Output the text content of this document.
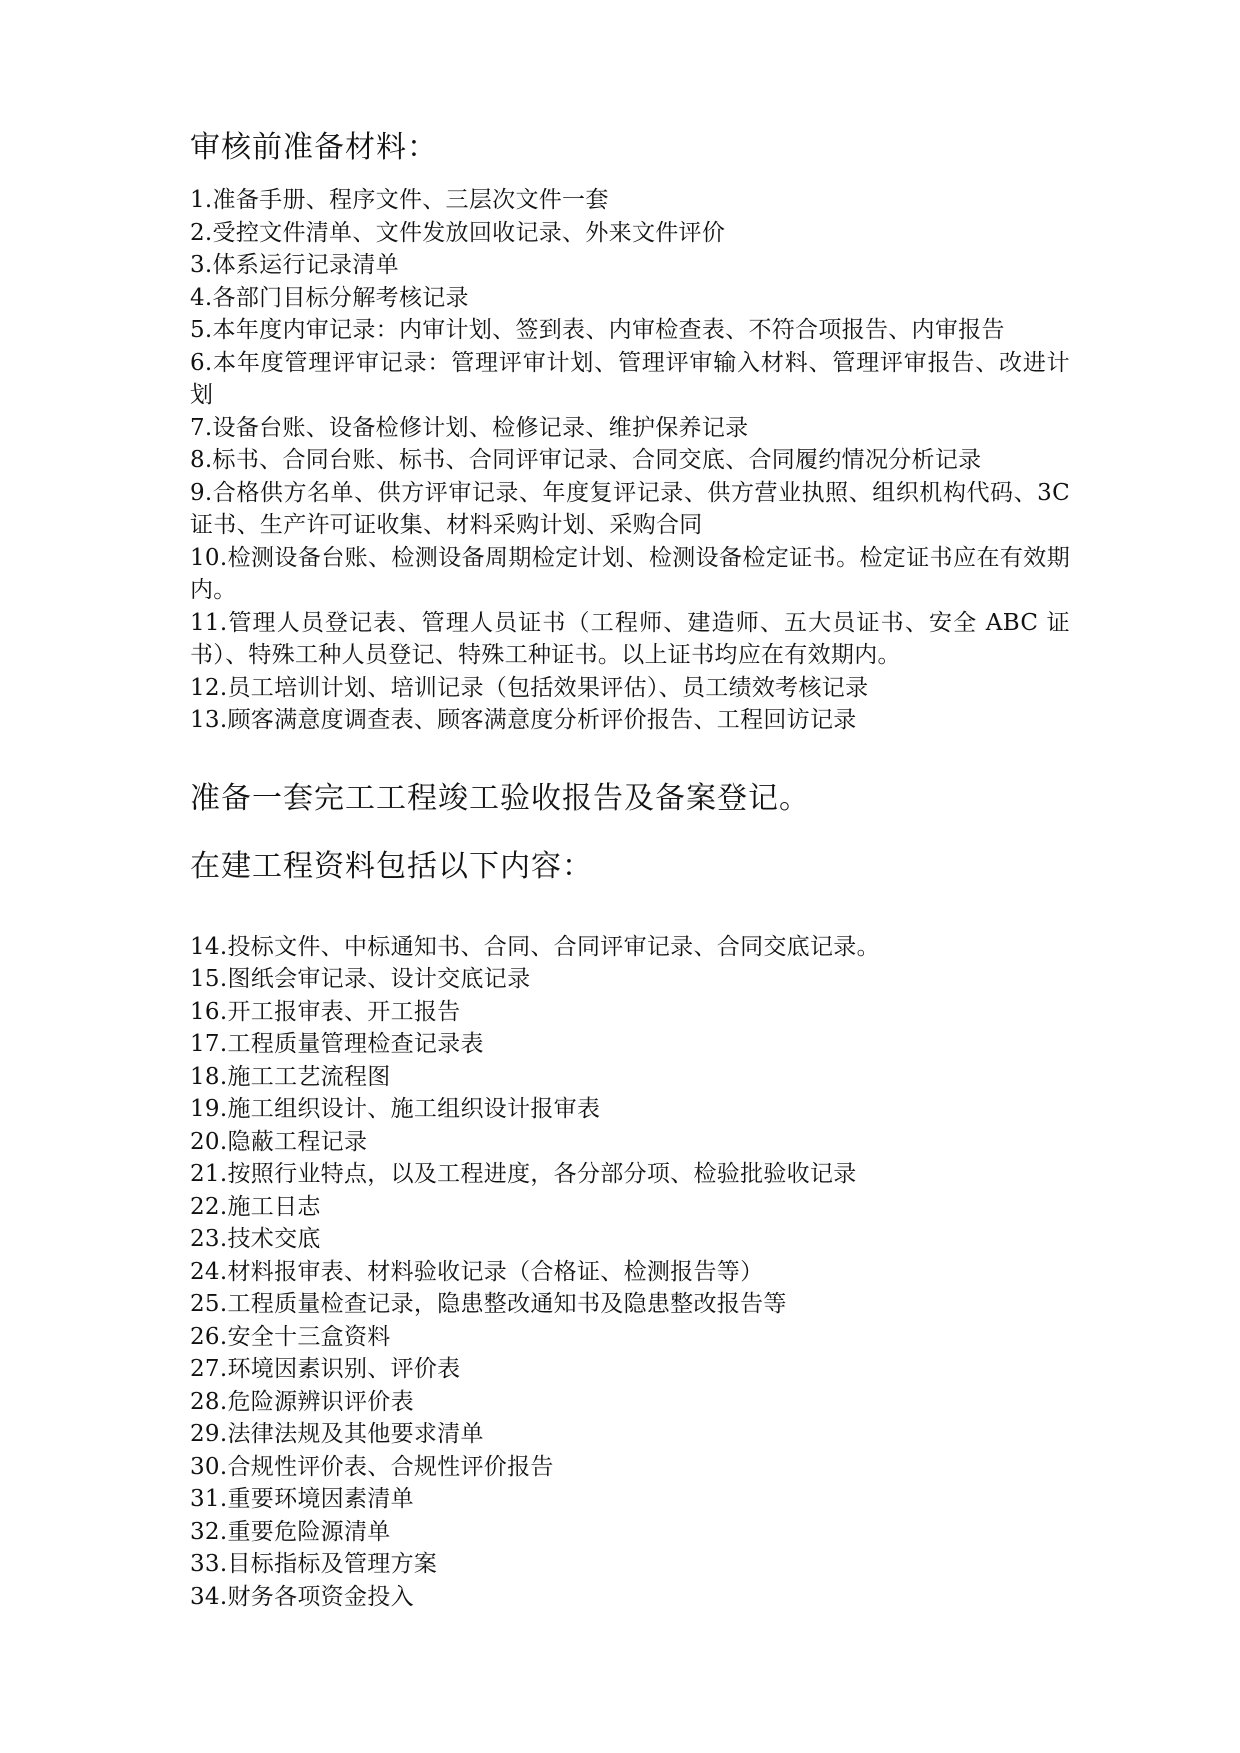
审核前准备材料：
1.准备手册、程序文件、三层次文件一套
2.受控文件清单、文件发放回收记录、外来文件评价
3.体系运行记录清单
4.各部门目标分解考核记录
5.本年度内审记录：内审计划、签到表、内审检查表、不符合项报告、内审报告
6.本年度管理评审记录：管理评审计划、管理评审输入材料、管理评审报告、改进计划
7.设备台账、设备检修计划、检修记录、维护保养记录
8.标书、合同台账、标书、合同评审记录、合同交底、合同履约情况分析记录
9.合格供方名单、供方评审记录、年度复评记录、供方营业执照、组织机构代码、3C 证书、生产许可证收集、材料采购计划、采购合同
10.检测设备台账、检测设备周期检定计划、检测设备检定证书。检定证书应在有效期内。
11.管理人员登记表、管理人员证书（工程师、建造师、五大员证书、安全 ABC 证书）、特殊工种人员登记、特殊工种证书。以上证书均应在有效期内。
12.员工培训计划、培训记录（包括效果评估）、员工绩效考核记录
13.顾客满意度调查表、顾客满意度分析评价报告、工程回访记录
准备一套完工工程竣工验收报告及备案登记。
在建工程资料包括以下内容：
14.投标文件、中标通知书、合同、合同评审记录、合同交底记录。
15.图纸会审记录、设计交底记录
16.开工报审表、开工报告
17.工程质量管理检查记录表
18.施工工艺流程图
19.施工组织设计、施工组织设计报审表
20.隐蔽工程记录
21.按照行业特点，以及工程进度，各分部分项、检验批验收记录
22.施工日志
23.技术交底
24.材料报审表、材料验收记录（合格证、检测报告等）
25.工程质量检查记录，隐患整改通知书及隐患整改报告等
26.安全十三盒资料
27.环境因素识别、评价表
28.危险源辨识评价表
29.法律法规及其他要求清单
30.合规性评价表、合规性评价报告
31.重要环境因素清单
32.重要危险源清单
33.目标指标及管理方案
34.财务各项资金投入
